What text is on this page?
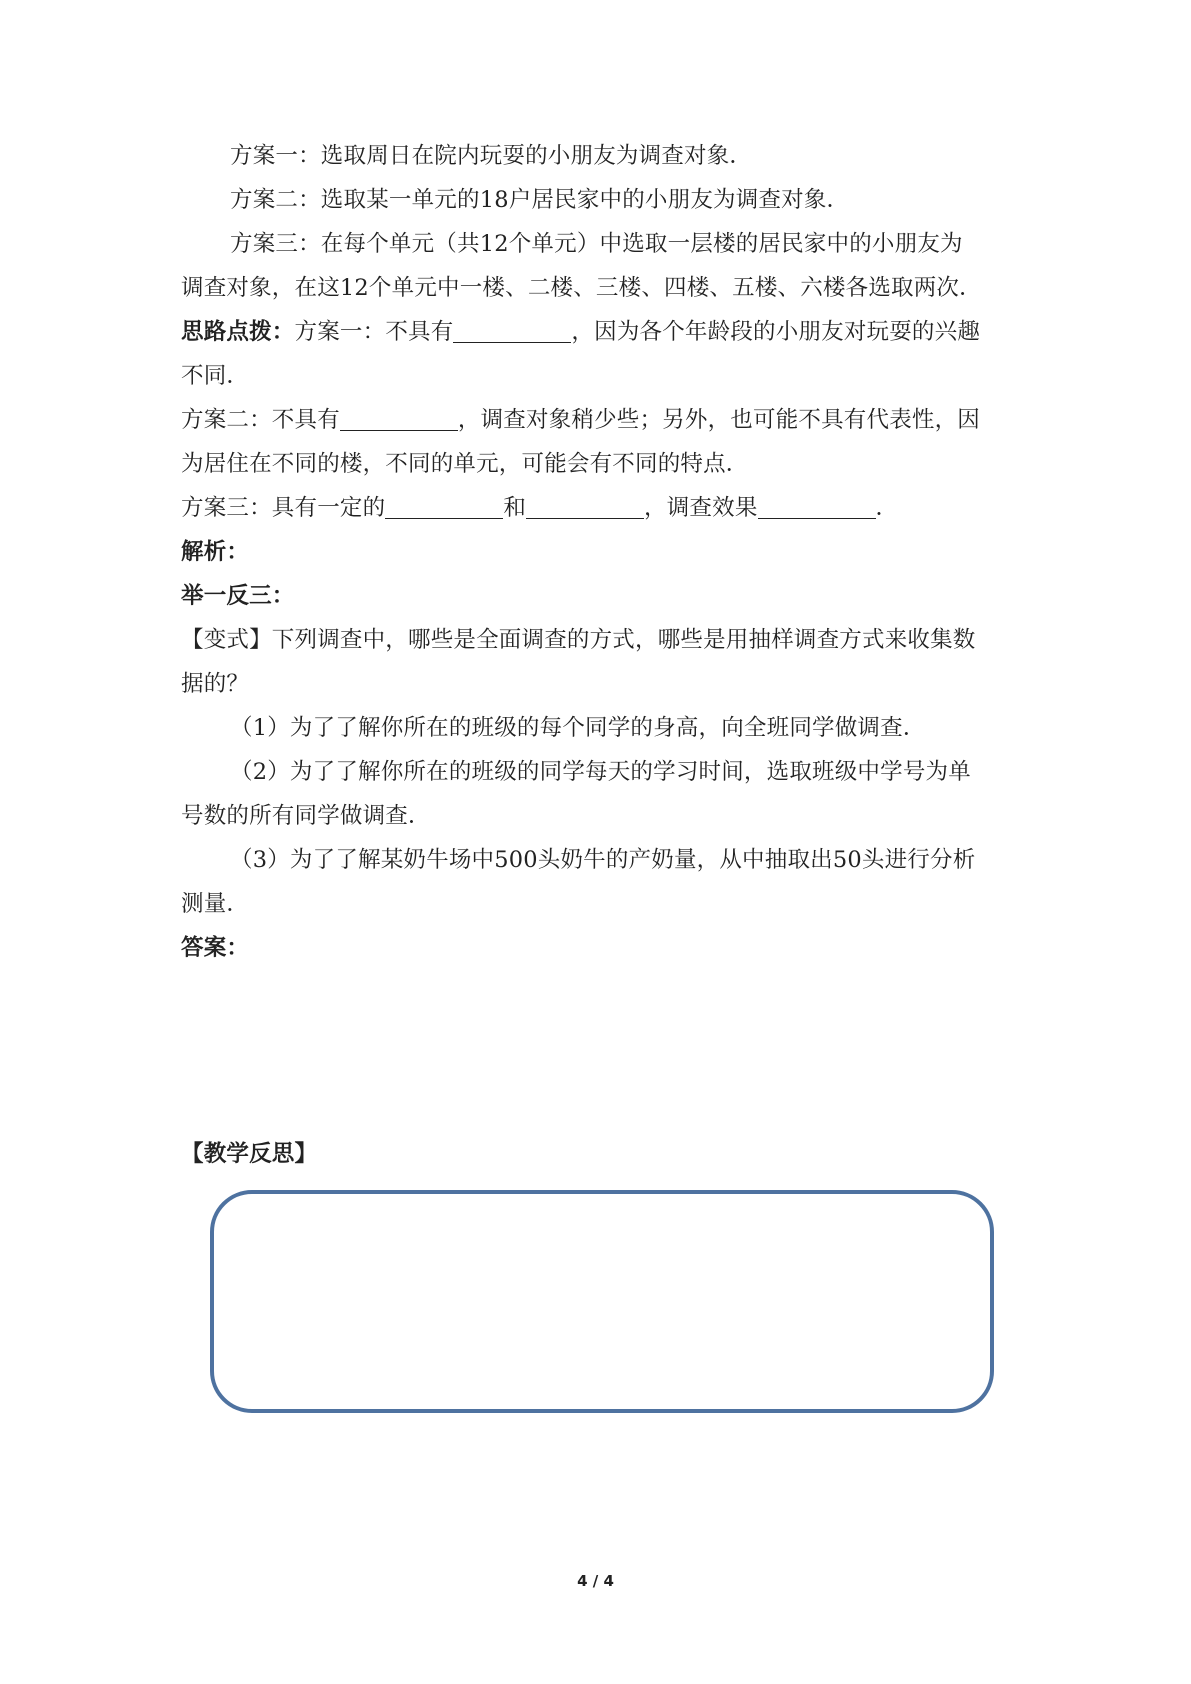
方案一：选取周日在院内玩耍的小朋友为调查对象．
方案二：选取某一单元的18户居民家中的小朋友为调查对象．
方案三：在每个单元（共12个单元）中选取一层楼的居民家中的小朋友为
调查对象，在这12个单元中一楼、二楼、三楼、四楼、五楼、六楼各选取两次．
思路点拨：方案一：不具有	，因为各个年龄段的小朋友对玩耍的兴趣
不同．
方案二：不具有	，调查对象稍少些；另外，也可能不具有代表性，因
为居住在不同的楼，不同的单元，可能会有不同的特点．
方案三：具有一定的	和	，调查效果	．
解析：
举一反三：
【变式】下列调查中，哪些是全面调查的方式，哪些是用抽样调查方式来收集数
据的？
（1）为了了解你所在的班级的每个同学的身高，向全班同学做调查．
（2）为了了解你所在的班级的同学每天的学习时间，选取班级中学号为单
号数的所有同学做调查．
（3）为了了解某奶牛场中500头奶牛的产奶量，从中抽取出50头进行分析
测量．
答案：
【教学反思】
4 / 4
